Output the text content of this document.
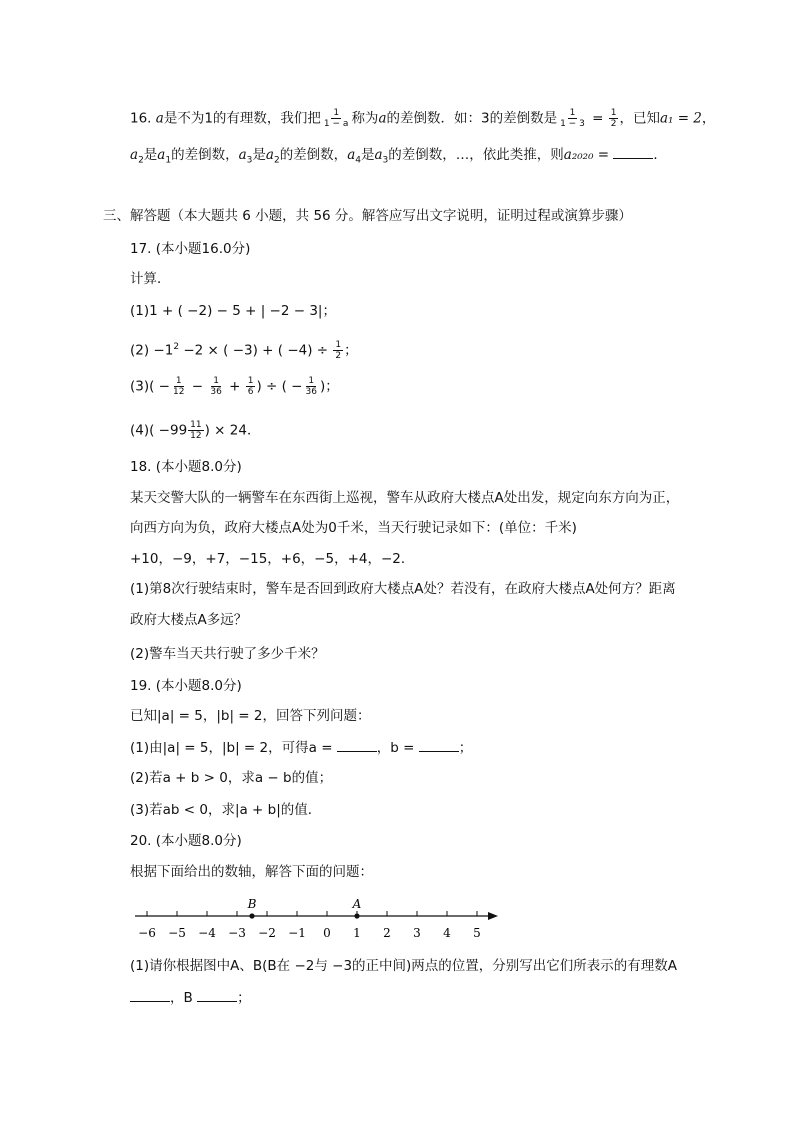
16. a是不为1的有理数，我们把 $\frac{1}{1 - a}$ 称为a的差倒数．如：3的差倒数是 $\frac{1}{1 - 3} = \frac{1}{2}$ ，已知a₁ = 2，
$a_2$是$a_1$的差倒数，$a_3$是$a_2$的差倒数，$a_4$是$a_3$的差倒数，…，依此类推，则a₂₀₂₀ =	．
三、解答题（本大题共 6 小题，共 56 分。解答应写出文字说明，证明过程或演算步骤）
17. (本小题16.0分)
计算．
(1)1 + ( −2) − 5 + | −2 − 3|；
$(2) -1^2 -2$ × ( −3) + ( $-4) \div \frac{1}{2}$ ；
$(3)( - \frac{1}{12} - \frac{1}{36} + \frac{1}{6}$ ) ÷ ( − $\frac{1}{36}$ )；
$(4)( -99 \frac{11}{12}$ ) × 24．
18. (本小题8.0分)
某天交警大队的一辆警车在东西街上巡视，警车从政府大楼点A处出发，规定向东方向为正，
向西方向为负，政府大楼点A处为0千米，当天行驶记录如下：(单位：千米)
+10，−9，+7，−15，+6，−5，+4，−2．
(1)第8次行驶结束时，警车是否回到政府大楼点A处？若没有，在政府大楼点A处何方？距离
政府大楼点A多远？
(2)警车当天共行驶了多少千米？
19. (本小题8.0分)
已知|a| = 5，|b| = 2，回答下列问题：
(1)由|a| = 5，|b| = 2，可得a =	，b =	；
(2)若a + b > 0，求a − b的值；
(3)若ab < 0，求|a + b|的值．
20. (本小题8.0分)
根据下面给出的数轴，解答下面的问题：
−6 −5 −4 −3 −2 −1 0 1 2 3 4 5
B	A
(1)请你根据图中A、B(B在 −2与 −3的正中间)两点的位置，分别写出它们所表示的有理数A
，B	；
